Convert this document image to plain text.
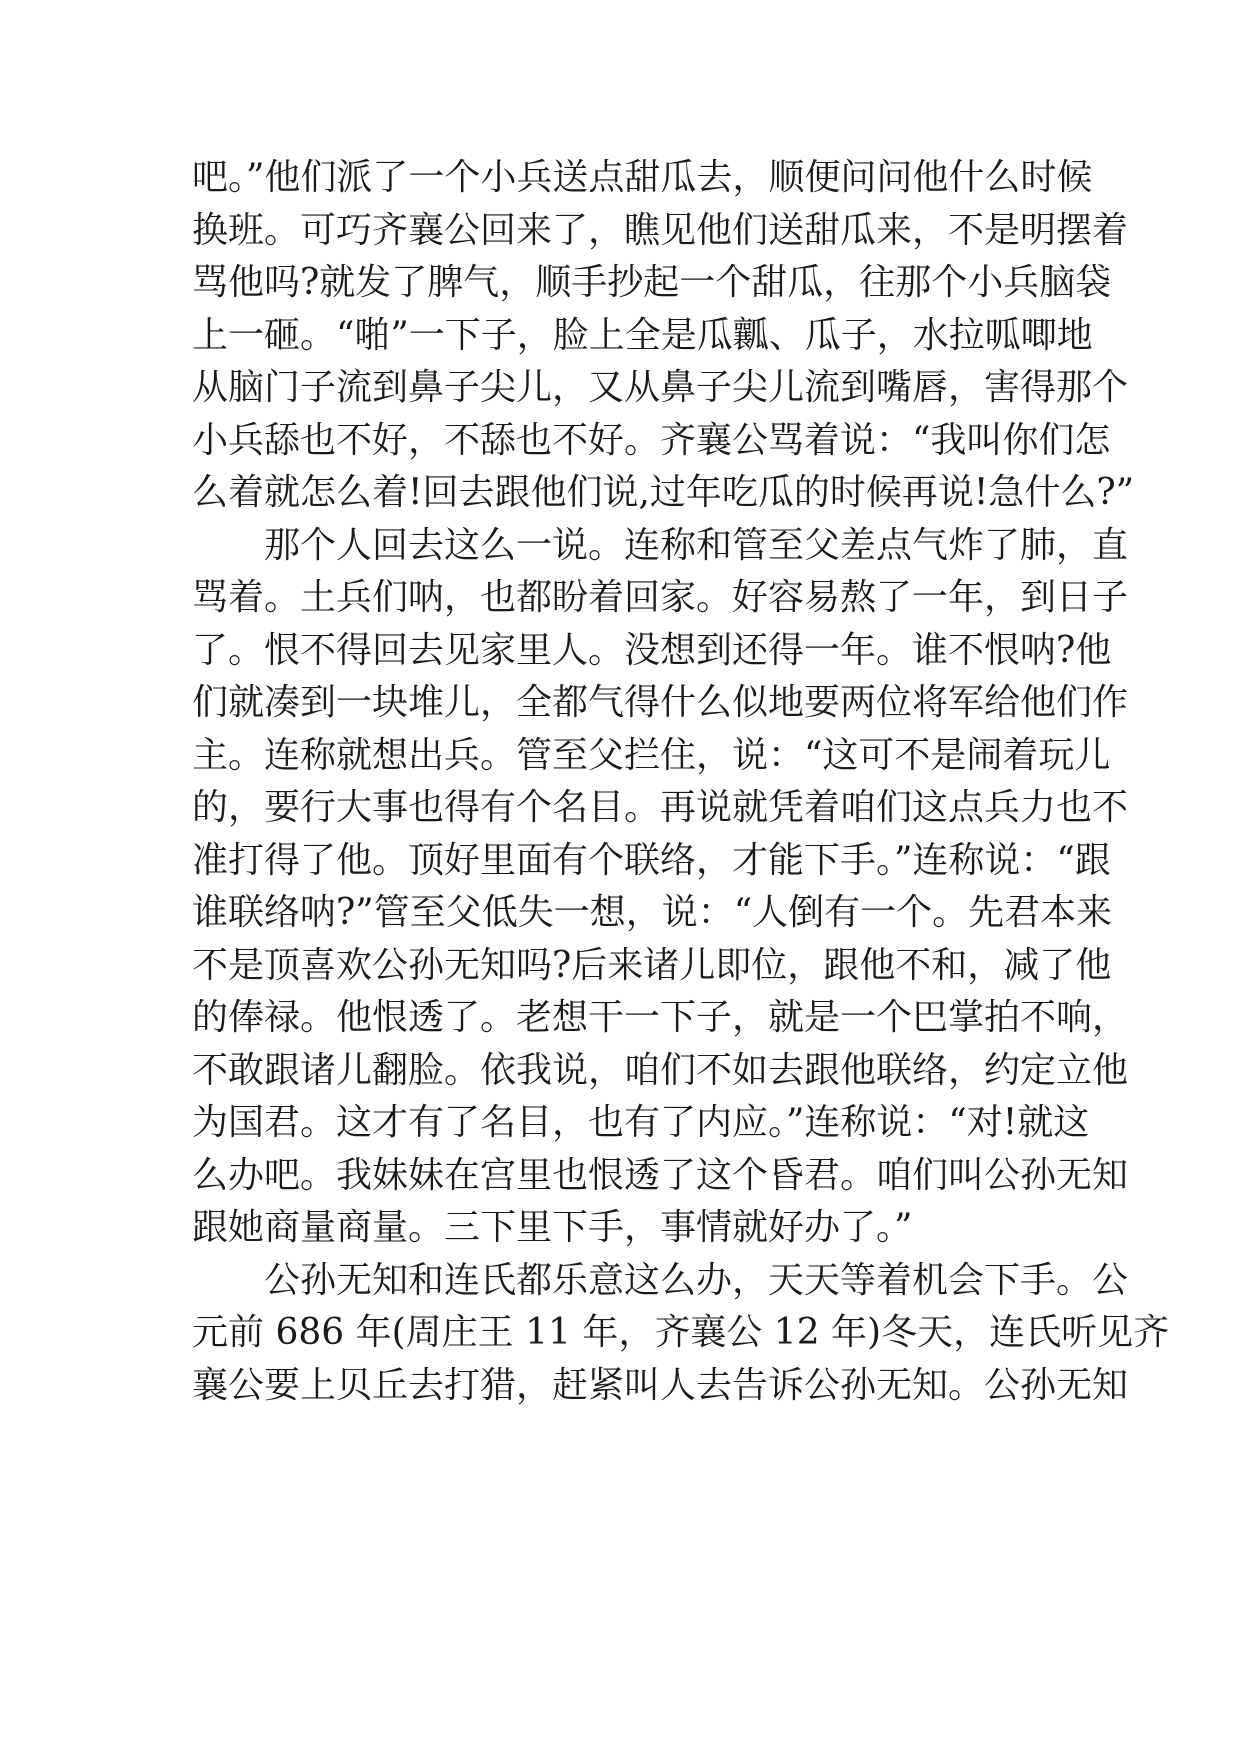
吧。”他们派了一个小兵送点甜瓜去，顺便问问他什么时候
换班。可巧齐襄公回来了，瞧见他们送甜瓜来，不是明摆着
骂他吗?就发了脾气，顺手抄起一个甜瓜，往那个小兵脑袋
上一砸。“啪”一下子，脸上全是瓜瓤、瓜子，水拉呱唧地
从脑门子流到鼻子尖儿，又从鼻子尖儿流到嘴唇，害得那个
小兵舔也不好，不舔也不好。齐襄公骂着说：“我叫你们怎
么着就怎么着!回去跟他们说,过年吃瓜的时候再说!急什么?”
那个人回去这么一说。连称和管至父差点气炸了肺，直
骂着。土兵们呐，也都盼着回家。好容易熬了一年，到日子
了。恨不得回去见家里人。没想到还得一年。谁不恨呐?他
们就凑到一块堆儿，全都气得什么似地要两位将军给他们作
主。连称就想出兵。管至父拦住，说：“这可不是闹着玩儿
的，要行大事也得有个名目。再说就凭着咱们这点兵力也不
准打得了他。顶好里面有个联络，才能下手。”连称说：“跟
谁联络呐?”管至父低失一想，说：“人倒有一个。先君本来
不是顶喜欢公孙无知吗?后来诸儿即位，跟他不和，减了他
的俸禄。他恨透了。老想干一下子，就是一个巴掌拍不响，
不敢跟诸儿翻脸。依我说，咱们不如去跟他联络，约定立他
为国君。这才有了名目，也有了内应。”连称说：“对!就这
么办吧。我妹妹在宫里也恨透了这个昏君。咱们叫公孙无知
跟她商量商量。三下里下手，事情就好办了。”
公孙无知和连氏都乐意这么办，天天等着机会下手。公
元前 686 年(周庄王 11 年，齐襄公 12 年)冬天，连氏听见齐
襄公要上贝丘去打猎，赶紧叫人去告诉公孙无知。公孙无知
